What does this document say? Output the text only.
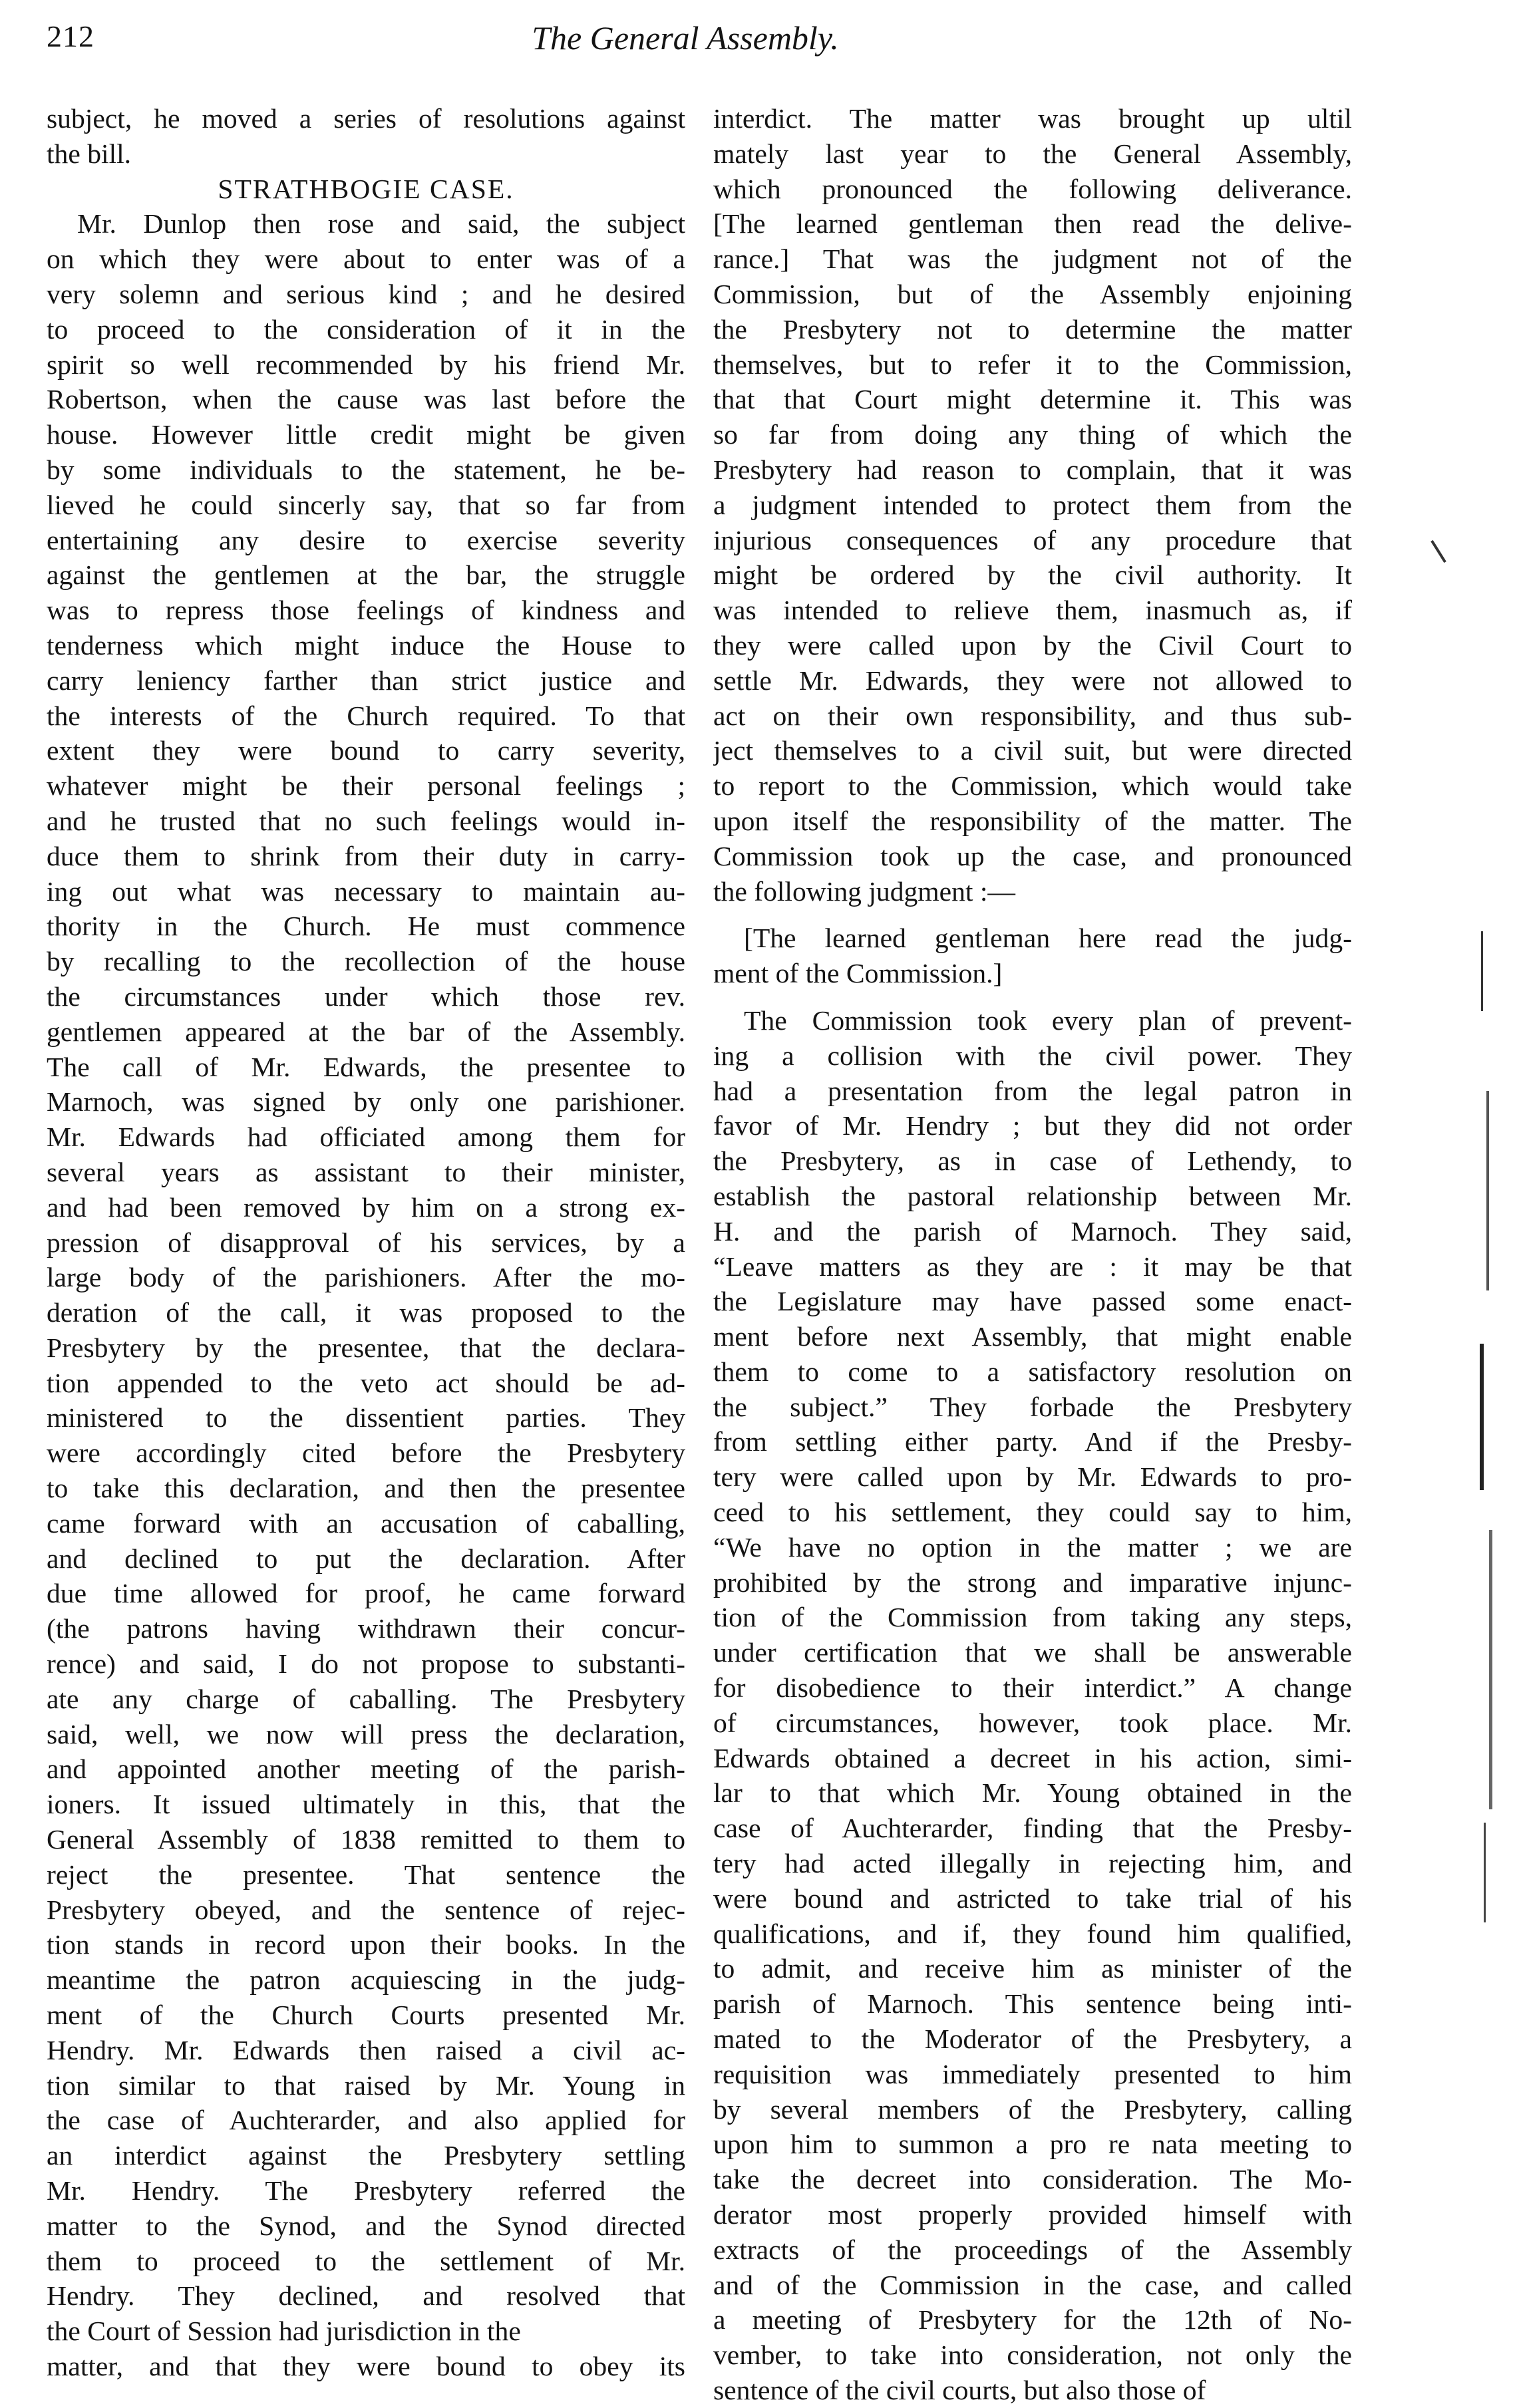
212	The General Assembly.
subject, he moved a series of resolutions against
the bill.
STRATHBOGIE CASE.
Mr. Dunlop then rose and said, the subject
on which they were about to enter was of a
very solemn and serious kind ; and he desired
to proceed to the consideration of it in the
spirit so well recommended by his friend Mr.
Robertson, when the cause was last before the
house. However little credit might be given
by some individuals to the statement, he be-
lieved he could sincerly say, that so far from
entertaining any desire to exercise severity
against the gentlemen at the bar, the struggle
was to repress those feelings of kindness and
tenderness which might induce the House to
carry leniency farther than strict justice and
the interests of the Church required. To that
extent they were bound to carry severity,
whatever might be their personal feelings ;
and he trusted that no such feelings would in-
duce them to shrink from their duty in carry-
ing out what was necessary to maintain au-
thority in the Church. He must commence
by recalling to the recollection of the house
the circumstances under which those rev.
gentlemen appeared at the bar of the Assembly.
The call of Mr. Edwards, the presentee to
Marnoch, was signed by only one parishioner.
Mr. Edwards had officiated among them for
several years as assistant to their minister,
and had been removed by him on a strong ex-
pression of disapproval of his services, by a
large body of the parishioners. After the mo-
deration of the call, it was proposed to the
Presbytery by the presentee, that the declara-
tion appended to the veto act should be ad-
ministered to the dissentient parties. They
were accordingly cited before the Presbytery
to take this declaration, and then the presentee
came forward with an accusation of caballing,
and declined to put the declaration. After
due time allowed for proof, he came forward
(the patrons having withdrawn their concur-
rence) and said, I do not propose to substanti-
ate any charge of caballing. The Presbytery
said, well, we now will press the declaration,
and appointed another meeting of the parish-
ioners. It issued ultimately in this, that the
General Assembly of 1838 remitted to them to
reject the presentee. That sentence the
Presbytery obeyed, and the sentence of rejec-
tion stands in record upon their books. In the
meantime the patron acquiescing in the judg-
ment of the Church Courts presented Mr.
Hendry. Mr. Edwards then raised a civil ac-
tion similar to that raised by Mr. Young in
the case of Auchterarder, and also applied for
an interdict against the Presbytery settling
Mr. Hendry. The Presbytery referred the
matter to the Synod, and the Synod directed
them to proceed to the settlement of Mr.
Hendry. They declined, and resolved that
the Court of Session had jurisdiction in the
matter, and that they were bound to obey its
interdict. The matter was brought up ultil
mately last year to the General Assembly,
which pronounced the following deliverance.
[The learned gentleman then read the delive-
rance.] That was the judgment not of the
Commission, but of the Assembly enjoining
the Presbytery not to determine the matter
themselves, but to refer it to the Commission,
that that Court might determine it. This was
so far from doing any thing of which the
Presbytery had reason to complain, that it was
a judgment intended to protect them from the
injurious consequences of any procedure that
might be ordered by the civil authority. It
was intended to relieve them, inasmuch as, if
they were called upon by the Civil Court to
settle Mr. Edwards, they were not allowed to
act on their own responsibility, and thus sub-
ject themselves to a civil suit, but were directed
to report to the Commission, which would take
upon itself the responsibility of the matter. The
Commission took up the case, and pronounced
the following judgment :—
[The learned gentleman here read the judg-
ment of the Commission.]
The Commission took every plan of prevent-
ing a collision with the civil power. They
had a presentation from the legal patron in
favor of Mr. Hendry ; but they did not order
the Presbytery, as in case of Lethendy, to
establish the pastoral relationship between Mr.
H. and the parish of Marnoch. They said,
“Leave matters as they are : it may be that
the Legislature may have passed some enact-
ment before next Assembly, that might enable
them to come to a satisfactory resolution on
the subject.” They forbade the Presbytery
from settling either party. And if the Presby-
tery were called upon by Mr. Edwards to pro-
ceed to his settlement, they could say to him,
“We have no option in the matter ; we are
prohibited by the strong and imparative injunc-
tion of the Commission from taking any steps,
under certification that we shall be answerable
for disobedience to their interdict.” A change
of circumstances, however, took place. Mr.
Edwards obtained a decreet in his action, simi-
lar to that which Mr. Young obtained in the
case of Auchterarder, finding that the Presby-
tery had acted illegally in rejecting him, and
were bound and astricted to take trial of his
qualifications, and if, they found him qualified,
to admit, and receive him as minister of the
parish of Marnoch. This sentence being inti-
mated to the Moderator of the Presbytery, a
requisition was immediately presented to him
by several members of the Presbytery, calling
upon him to summon a pro re nata meeting to
take the decreet into consideration. The Mo-
derator most properly provided himself with
extracts of the proceedings of the Assembly
and of the Commission in the case, and called
a meeting of Presbytery for the 12th of No-
vember, to take into consideration, not only the
sentence of the civil courts, but also those of
